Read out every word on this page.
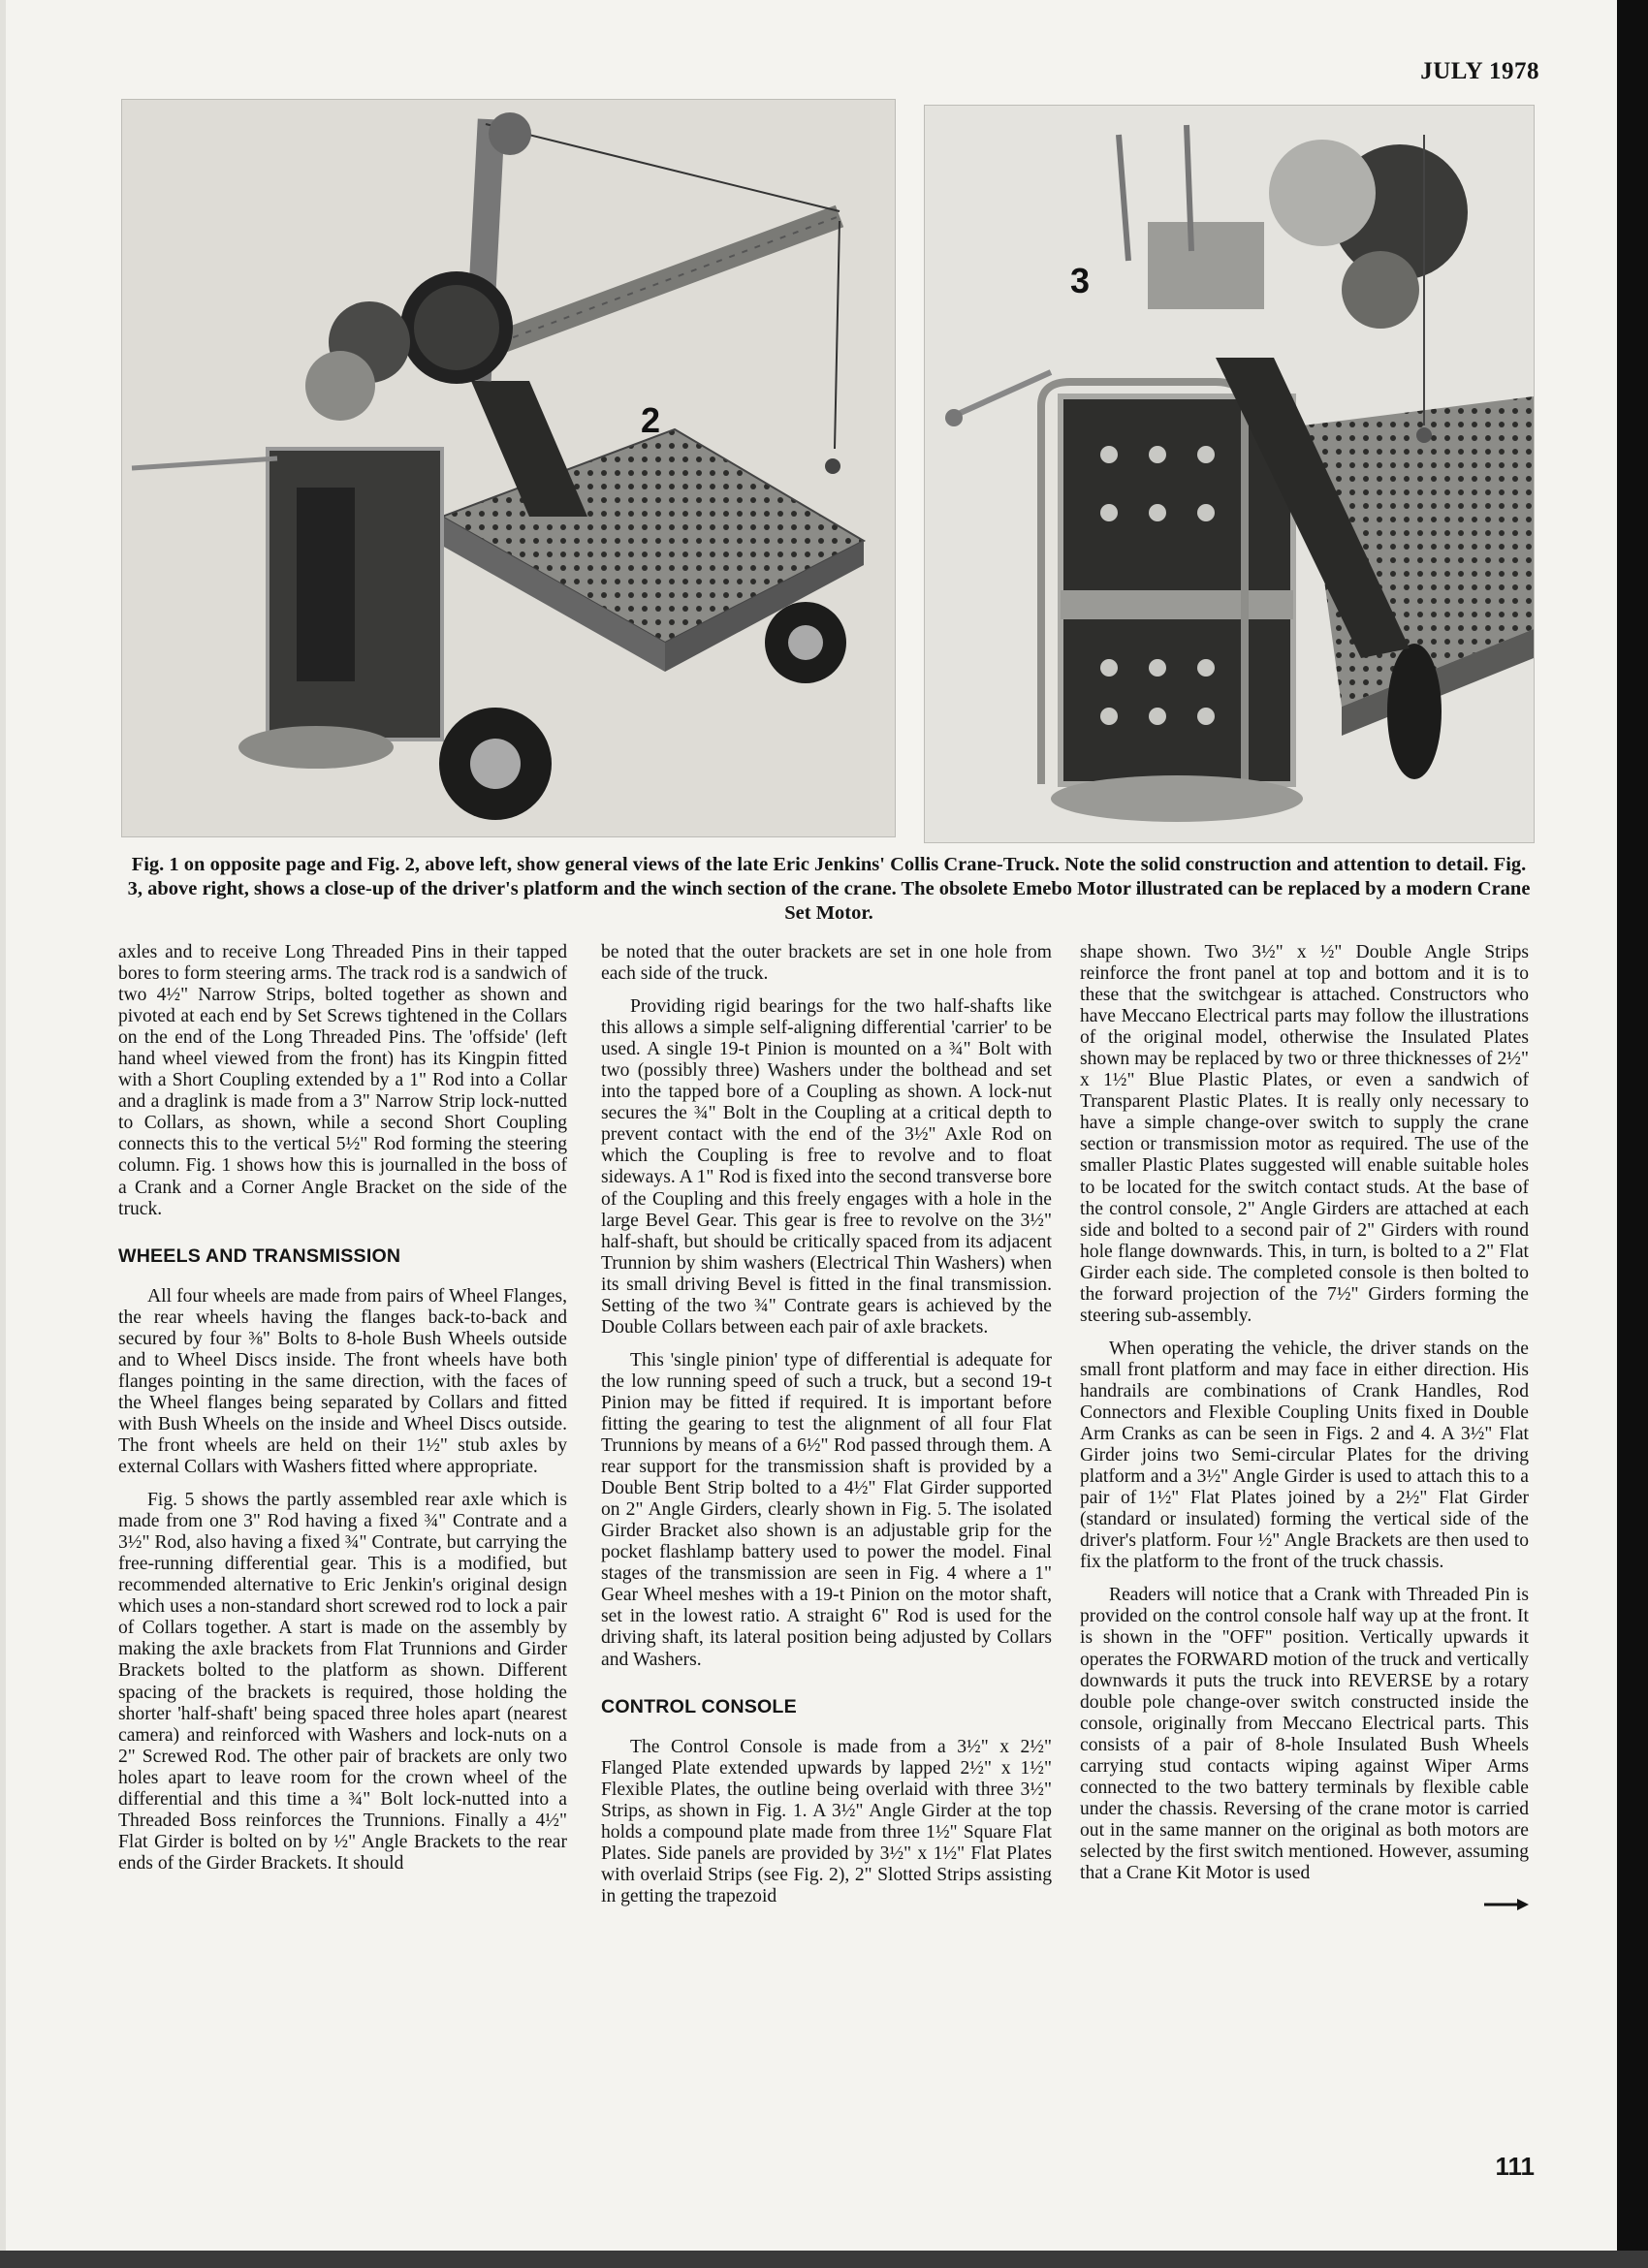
JULY 1978
2
3
Fig. 1 on opposite page and Fig. 2, above left, show general views of the late Eric Jenkins' Collis Crane-Truck. Note the solid construction and attention to detail. Fig. 3, above right, shows a close-up of the driver's platform and the winch section of the crane. The obsolete Emebo Motor illustrated can be replaced by a modern Crane Set Motor.

axles and to receive Long Threaded Pins in their tapped bores to form steering arms. The track rod is a sandwich of two 4½" Narrow Strips, bolted together as shown and pivoted at each end by Set Screws tightened in the Collars on the end of the Long Threaded Pins. The 'offside' (left hand wheel viewed from the front) has its Kingpin fitted with a Short Coupling extended by a 1" Rod into a Collar and a draglink is made from a 3" Narrow Strip lock-nutted to Collars, as shown, while a second Short Coupling connects this to the vertical 5½" Rod forming the steering column. Fig. 1 shows how this is journalled in the boss of a Crank and a Corner Angle Bracket on the side of the truck.

WHEELS AND TRANSMISSION

All four wheels are made from pairs of Wheel Flanges, the rear wheels having the flanges back-to-back and secured by four ⅜" Bolts to 8-hole Bush Wheels outside and to Wheel Discs inside. The front wheels have both flanges pointing in the same direction, with the faces of the Wheel flanges being separated by Collars and fitted with Bush Wheels on the inside and Wheel Discs outside. The front wheels are held on their 1½" stub axles by external Collars with Washers fitted where appropriate.

Fig. 5 shows the partly assembled rear axle which is made from one 3" Rod having a fixed ¾" Contrate and a 3½" Rod, also having a fixed ¾" Contrate, but carrying the free-running differential gear. This is a modified, but recommended alternative to Eric Jenkin's original design which uses a non-standard short screwed rod to lock a pair of Collars together. A start is made on the assembly by making the axle brackets from Flat Trunnions and Girder Brackets bolted to the platform as shown. Different spacing of the brackets is required, those holding the shorter 'half-shaft' being spaced three holes apart (nearest camera) and reinforced with Washers and lock-nuts on a 2" Screwed Rod. The other pair of brackets are only two holes apart to leave room for the crown wheel of the differential and this time a ¾" Bolt lock-nutted into a Threaded Boss reinforces the Trunnions. Finally a 4½" Flat Girder is bolted on by ½" Angle Brackets to the rear ends of the Girder Brackets. It should

be noted that the outer brackets are set in one hole from each side of the truck.

Providing rigid bearings for the two half-shafts like this allows a simple self-aligning differential 'carrier' to be used. A single 19-t Pinion is mounted on a ¾" Bolt with two (possibly three) Washers under the bolthead and set into the tapped bore of a Coupling as shown. A lock-nut secures the ¾" Bolt in the Coupling at a critical depth to prevent contact with the end of the 3½" Axle Rod on which the Coupling is free to revolve and to float sideways. A 1" Rod is fixed into the second transverse bore of the Coupling and this freely engages with a hole in the large Bevel Gear. This gear is free to revolve on the 3½" half-shaft, but should be critically spaced from its adjacent Trunnion by shim washers (Electrical Thin Washers) when its small driving Bevel is fitted in the final transmission. Setting of the two ¾" Contrate gears is achieved by the Double Collars between each pair of axle brackets.

This 'single pinion' type of differential is adequate for the low running speed of such a truck, but a second 19-t Pinion may be fitted if required. It is important before fitting the gearing to test the alignment of all four Flat Trunnions by means of a 6½" Rod passed through them. A rear support for the transmission shaft is provided by a Double Bent Strip bolted to a 4½" Flat Girder supported on 2" Angle Girders, clearly shown in Fig. 5. The isolated Girder Bracket also shown is an adjustable grip for the pocket flashlamp battery used to power the model. Final stages of the transmission are seen in Fig. 4 where a 1" Gear Wheel meshes with a 19-t Pinion on the motor shaft, set in the lowest ratio. A straight 6" Rod is used for the driving shaft, its lateral position being adjusted by Collars and Washers.

CONTROL CONSOLE

The Control Console is made from a 3½" x 2½" Flanged Plate extended upwards by lapped 2½" x 1½" Flexible Plates, the outline being overlaid with three 3½" Strips, as shown in Fig. 1. A 3½" Angle Girder at the top holds a compound plate made from three 1½" Square Flat Plates. Side panels are provided by 3½" x 1½" Flat Plates with overlaid Strips (see Fig. 2), 2" Slotted Strips assisting in getting the trapezoid

shape shown. Two 3½" x ½" Double Angle Strips reinforce the front panel at top and bottom and it is to these that the switchgear is attached. Constructors who have Meccano Electrical parts may follow the illustrations of the original model, otherwise the Insulated Plates shown may be replaced by two or three thicknesses of 2½" x 1½" Blue Plastic Plates, or even a sandwich of Transparent Plastic Plates. It is really only necessary to have a simple change-over switch to supply the crane section or transmission motor as required. The use of the smaller Plastic Plates suggested will enable suitable holes to be located for the switch contact studs. At the base of the control console, 2" Angle Girders are attached at each side and bolted to a second pair of 2" Girders with round hole flange downwards. This, in turn, is bolted to a 2" Flat Girder each side. The completed console is then bolted to the forward projection of the 7½" Girders forming the steering sub-assembly.

When operating the vehicle, the driver stands on the small front platform and may face in either direction. His handrails are combinations of Crank Handles, Rod Connectors and Flexible Coupling Units fixed in Double Arm Cranks as can be seen in Figs. 2 and 4. A 3½" Flat Girder joins two Semi-circular Plates for the driving platform and a 3½" Angle Girder is used to attach this to a pair of 1½" Flat Plates joined by a 2½" Flat Girder (standard or insulated) forming the vertical side of the driver's platform. Four ½" Angle Brackets are then used to fix the platform to the front of the truck chassis.

Readers will notice that a Crank with Threaded Pin is provided on the control console half way up at the front. It is shown in the "OFF" position. Vertically upwards it operates the FORWARD motion of the truck and vertically downwards it puts the truck into REVERSE by a rotary double pole change-over switch constructed inside the console, originally from Meccano Electrical parts. This consists of a pair of 8-hole Insulated Bush Wheels carrying stud contacts wiping against Wiper Arms connected to the two battery terminals by flexible cable under the chassis. Reversing of the crane motor is carried out in the same manner on the original as both motors are selected by the first switch mentioned. However, assuming that a Crane Kit Motor is used

111
